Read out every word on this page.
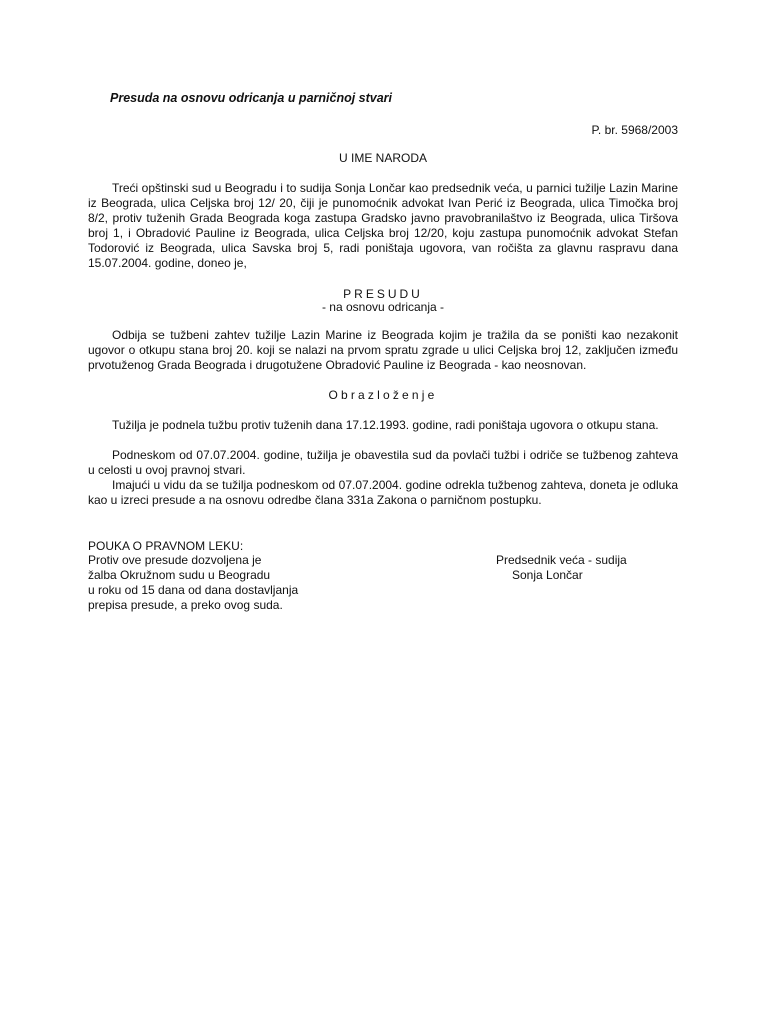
Presuda na osnovu odricanja u parničnoj stvari
P. br. 5968/2003
U IME NARODA

Treći opštinski sud u Beogradu i to sudija Sonja Lončar kao predsednik veća, u parnici tužilje Lazin Marine iz Beograda, ulica Celjska broj 12/ 20, čiji je punomoćnik advokat Ivan Perić iz Beograda, ulica Timočka broj 8/2, protiv tuženih Grada Beograda koga zastupa Gradsko javno pravobranilaštvo iz Beograda, ulica Tiršova broj 1, i Obradović Pauline iz Beograda, ulica Celjska broj 12/20, koju zastupa punomoćnik advokat Stefan Todorović iz Beograda, ulica Savska broj 5, radi poništaja ugovora, van ročišta za glavnu raspravu dana 15.07.2004. godine, doneo je,

PRESUDU
- na osnovu odricanja -

Odbija se tužbeni zahtev tužilje Lazin Marine iz Beograda kojim je tražila da se poništi kao nezakonit ugovor o otkupu stana broj 20. koji se nalazi na prvom spratu zgrade u ulici Celjska broj 12, zaključen između prvotuženog Grada Beograda i drugotužene Obradović Pauline iz Beograda - kao neosnovan.

Obrazloženje

Tužilja je podnela tužbu protiv tuženih dana 17.12.1993. godine, radi poništaja ugovora o otkupu stana.

Podneskom od 07.07.2004. godine, tužilja je obavestila sud da povlači tužbi i odriče se tužbenog zahteva u celosti u ovoj pravnoj stvari.

Imajući u vidu da se tužilja podneskom od 07.07.2004. godine odrekla tužbenog zahteva, doneta je odluka kao u izreci presude a na osnovu odredbe člana 331a Zakona o parničnom postupku.

POUKA O PRAVNOM LEKU:
Protiv ove presude dozvoljena je
žalba Okružnom sudu u Beogradu
u roku od 15 dana od dana dostavljanja
prepisa presude, a preko ovog suda.
Predsednik veća - sudija
Sonja Lončar
